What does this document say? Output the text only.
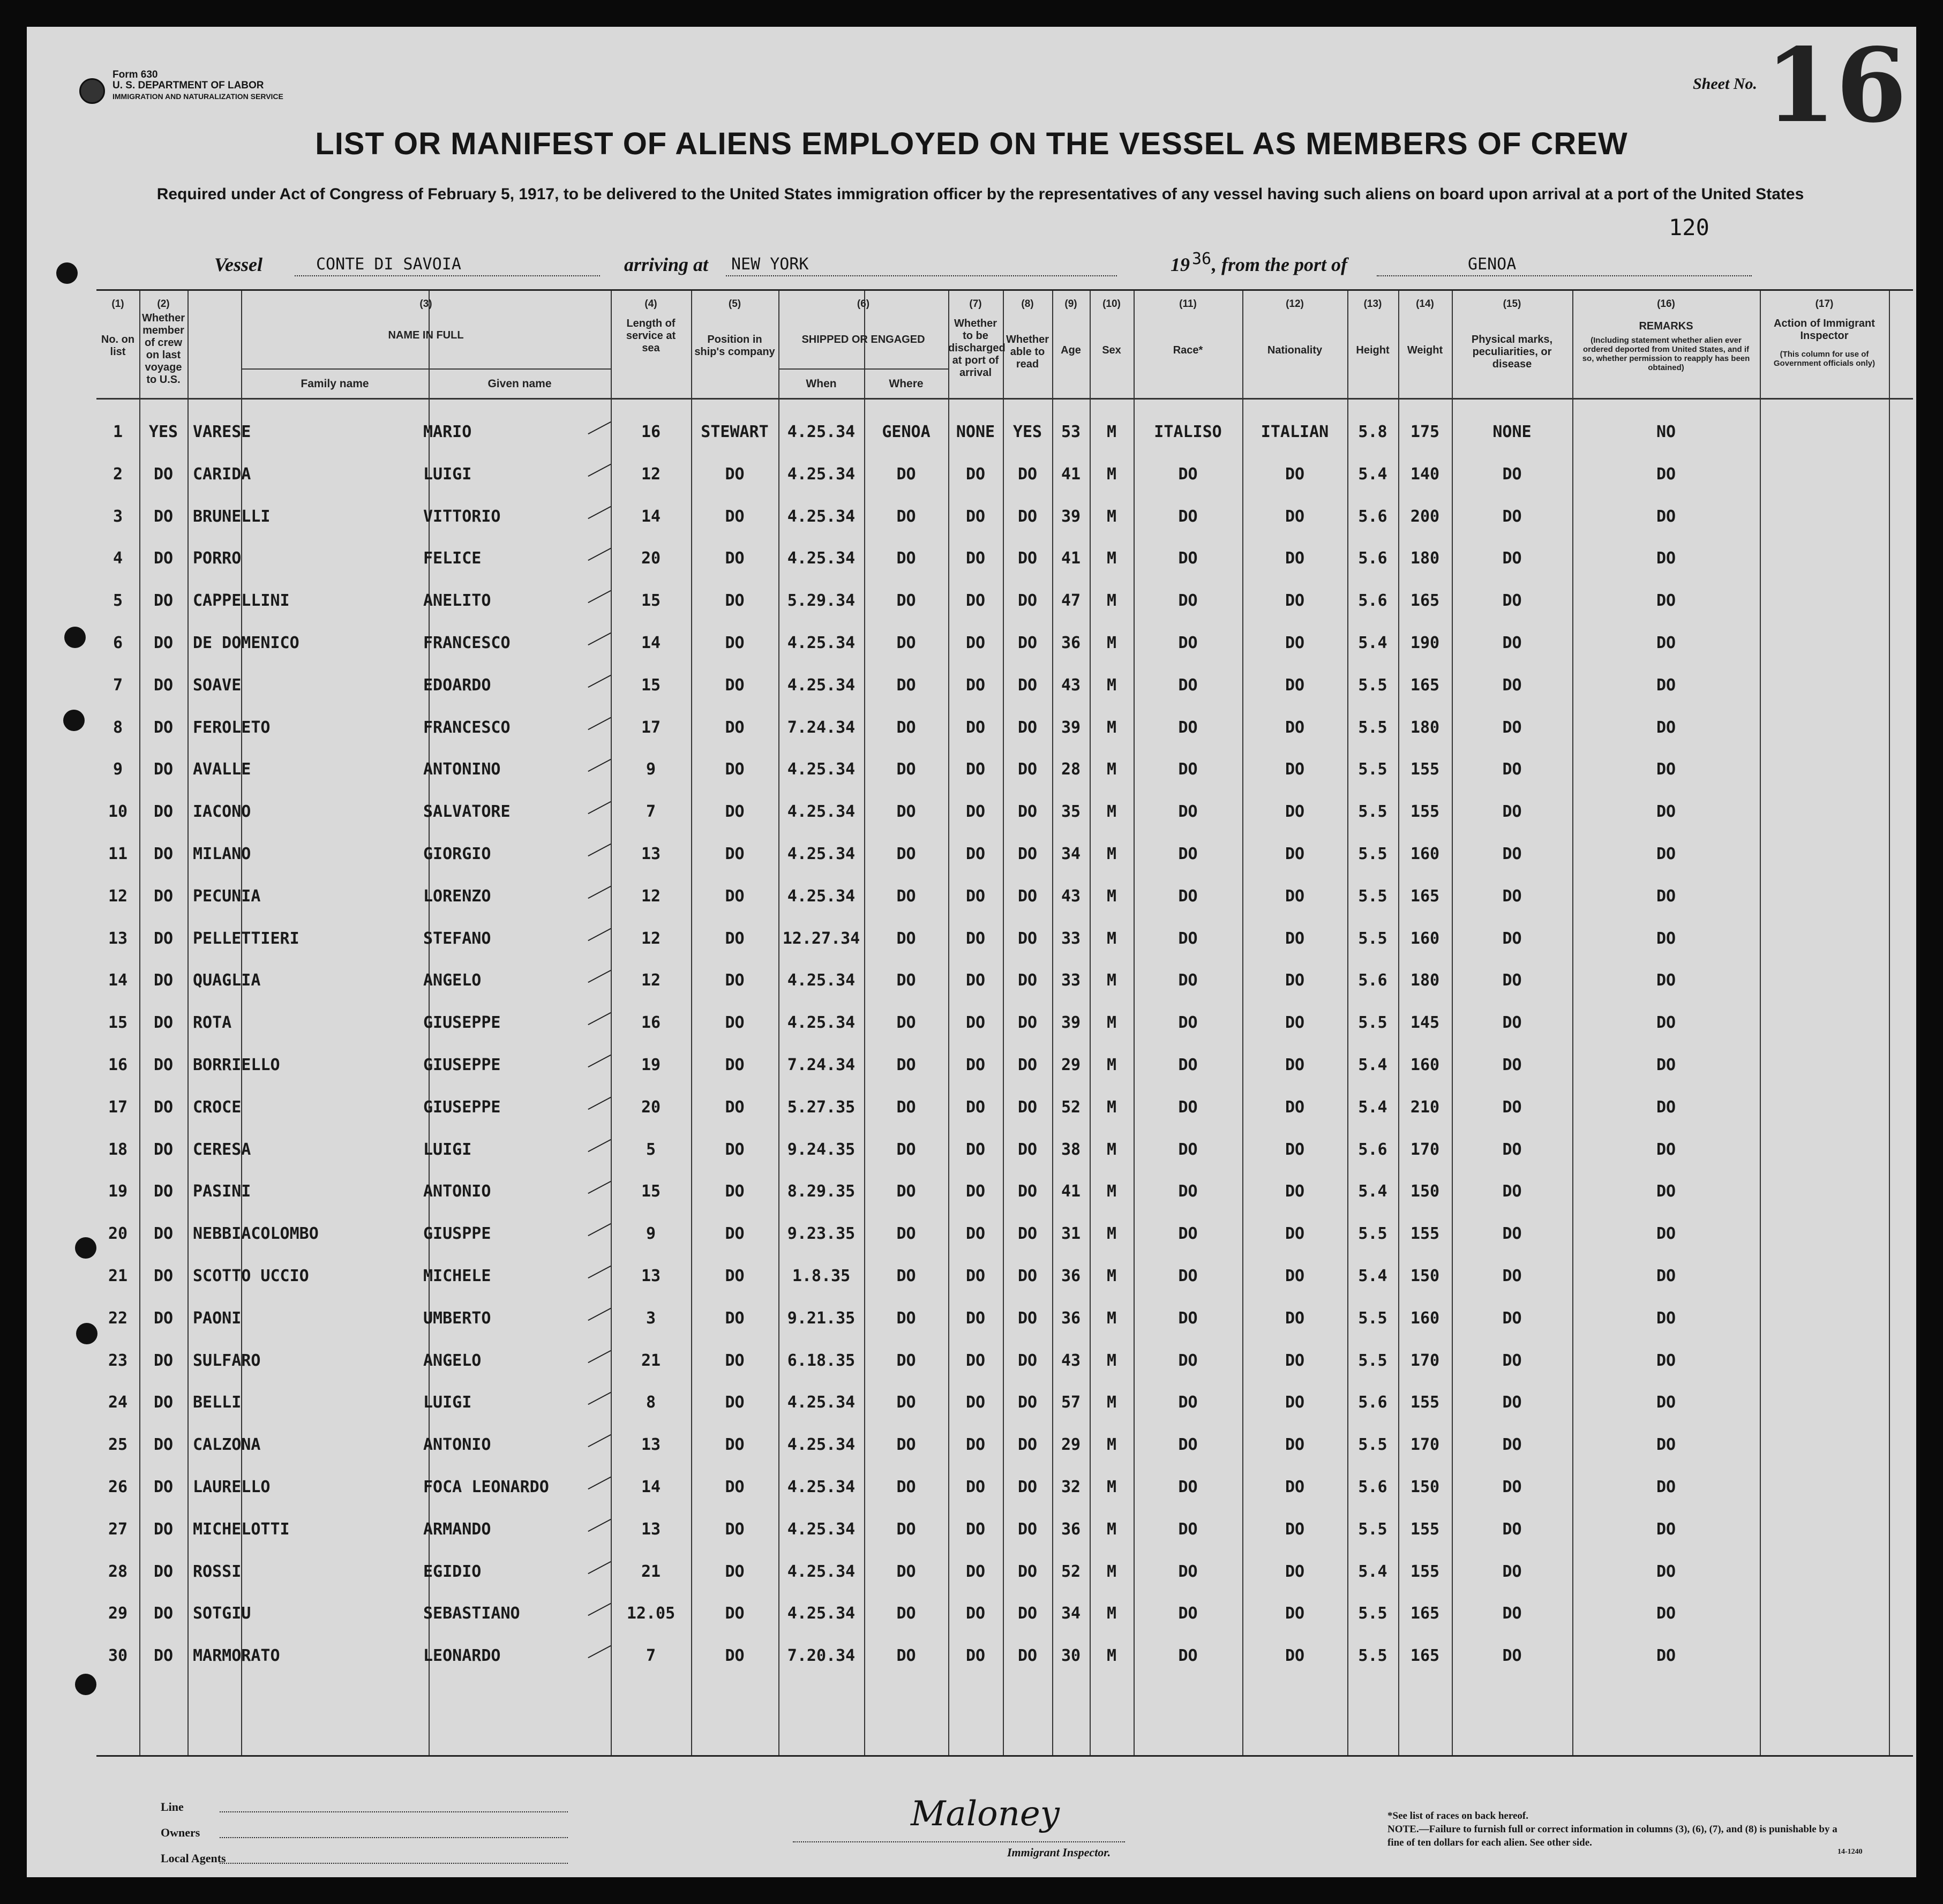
Form 630
U. S. DEPARTMENT OF LABOR
IMMIGRATION AND NATURALIZATION SERVICE
Sheet No. 16
LIST OR MANIFEST OF ALIENS EMPLOYED ON THE VESSEL AS MEMBERS OF CREW
Required under Act of Congress of February 5, 1917, to be delivered to the United States immigration officer by the representatives of any vessel having such aliens on board upon arrival at a port of the United States
120
Vessel	CONTE DI SAVOIA	arriving at NEW YORK	19 36 , from the port of	GENOA
(1)
No. on list
(2)
Whether member of crew on last voyage to U.S.
(3)
NAME IN FULL
Family name	Given name
(4)
Length of service at sea
(5)
Position in ship's company
(6)
SHIPPED OR ENGAGED
When	Where
(7)
Whether to be discharged at port of arrival
(8)
Whether able to read
(9)
Age
(10)
Sex
(11)
Race*
(12)
Nationality
(13)
Height
(14)
Weight
(15)
Physical marks, peculiarities, or disease
(16)
REMARKS
(Including statement whether alien ever ordered deported from United States, and if so, whether permission to reapply has been obtained)
(17)
Action of Immigrant Inspector
(This column for use of Government officials only)
1	YES VARESE	MARIO	16	STEWART	4.25.34	GENOA	NONE	YES	53	M	ITALISO	ITALIAN	5.8	175	NONE	NO
2	DO	CARIDA	LUIGI	12	DO	4.25.34	DO	DO	DO	41	M	DO	DO	5.4	140	DO	DO
3	DO	BRUNELLI	VITTORIO	14	DO	4.25.34	DO	DO	DO	39	M	DO	DO	5.6	200	DO	DO
4	DO	PORRO	FELICE	20	DO	4.25.34	DO	DO	DO	41	M	DO	DO	5.6	180	DO	DO
5	DO	CAPPELLINI	ANELITO	15	DO	5.29.34	DO	DO	DO	47	M	DO	DO	5.6	165	DO	DO
6	DO	DE DOMENICO	FRANCESCO	14	DO	4.25.34	DO	DO	DO	36	M	DO	DO	5.4	190	DO	DO
7	DO	SOAVE	EDOARDO	15	DO	4.25.34	DO	DO	DO	43	M	DO	DO	5.5	165	DO	DO
8	DO	FEROLETO	FRANCESCO	17	DO	7.24.34	DO	DO	DO	39	M	DO	DO	5.5	180	DO	DO
9	DO	AVALLE	ANTONINO	9	DO	4.25.34	DO	DO	DO	28	M	DO	DO	5.5	155	DO	DO
10	DO	IACONO	SALVATORE	7	DO	4.25.34	DO	DO	DO	35	M	DO	DO	5.5	155	DO	DO
11	DO	MILANO	GIORGIO	13	DO	4.25.34	DO	DO	DO	34	M	DO	DO	5.5	160	DO	DO
12	DO	PECUNIA	LORENZO	12	DO	4.25.34	DO	DO	DO	43	M	DO	DO	5.5	165	DO	DO
13	DO	PELLETTIERI	STEFANO	12	DO	12.27.34	DO	DO	DO	33	M	DO	DO	5.5	160	DO	DO
14	DO	QUAGLIA	ANGELO	12	DO	4.25.34	DO	DO	DO	33	M	DO	DO	5.6	180	DO	DO
15	DO	ROTA	GIUSEPPE	16	DO	4.25.34	DO	DO	DO	39	M	DO	DO	5.5	145	DO	DO
16	DO	BORRIELLO	GIUSEPPE	19	DO	7.24.34	DO	DO	DO	29	M	DO	DO	5.4	160	DO	DO
17	DO	CROCE	GIUSEPPE	20	DO	5.27.35	DO	DO	DO	52	M	DO	DO	5.4	210	DO	DO
18	DO	CERESA	LUIGI	5	DO	9.24.35	DO	DO	DO	38	M	DO	DO	5.6	170	DO	DO
19	DO	PASINI	ANTONIO	15	DO	8.29.35	DO	DO	DO	41	M	DO	DO	5.4	150	DO	DO
20	DO	NEBBIACOLOMBO	GIUSPPE	9	DO	9.23.35	DO	DO	DO	31	M	DO	DO	5.5	155	DO	DO
21	DO	SCOTTO UCCIO	MICHELE	13	DO	1.8.35	DO	DO	DO	36	M	DO	DO	5.4	150	DO	DO
22	DO	PAONI	UMBERTO	3	DO	9.21.35	DO	DO	DO	36	M	DO	DO	5.5	160	DO	DO
23	DO	SULFARO	ANGELO	21	DO	6.18.35	DO	DO	DO	43	M	DO	DO	5.5	170	DO	DO
24	DO	BELLI	LUIGI	8	DO	4.25.34	DO	DO	DO	57	M	DO	DO	5.6	155	DO	DO
25	DO	CALZONA	ANTONIO	13	DO	4.25.34	DO	DO	DO	29	M	DO	DO	5.5	170	DO	DO
26	DO	LAURELLO	FOCA LEONARDO	14	DO	4.25.34	DO	DO	DO	32	M	DO	DO	5.6	150	DO	DO
27	DO	MICHELOTTI	ARMANDO	13	DO	4.25.34	DO	DO	DO	36	M	DO	DO	5.5	155	DO	DO
28	DO	ROSSI	EGIDIO	21	DO	4.25.34	DO	DO	DO	52	M	DO	DO	5.4	155	DO	DO
29	DO	SOTGIU	SEBASTIANO	12.05	DO	4.25.34	DO	DO	DO	34	M	DO	DO	5.5	165	DO	DO
30	DO	MARMORATO	LEONARDO	7	DO	7.20.34	DO	DO	DO	30	M	DO	DO	5.5	165	DO	DO
Line
Owners
Local Agents
Maloney
Immigrant Inspector.
*See list of races on back hereof.
NOTE.—Failure to furnish full or correct information in columns (3), (6), (7), and (8) is punishable by a fine of ten dollars for each alien. See other side.
14-1240
